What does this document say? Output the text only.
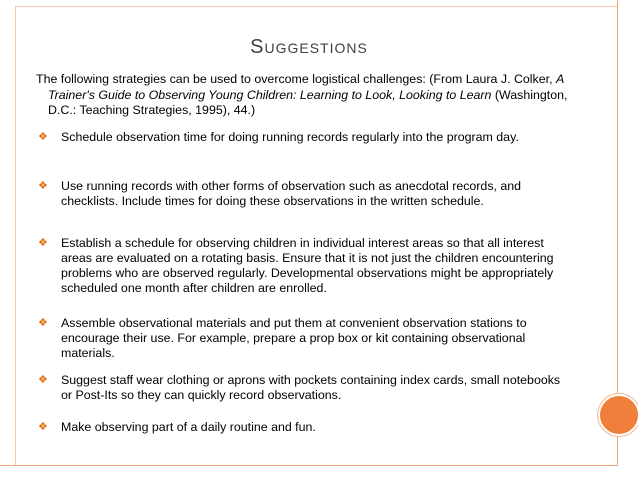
Suggestions

The following strategies can be used to overcome logistical challenges: (From Laura J. Colker, A Trainer's Guide to Observing Young Children: Learning to Look, Looking to Learn (Washington, D.C.: Teaching Strategies, 1995), 44.)

❖ Schedule observation time for doing running records regularly into the program day.
❖ Use running records with other forms of observation such as anecdotal records, and checklists. Include times for doing these observations in the written schedule.
❖ Establish a schedule for observing children in individual interest areas so that all interest areas are evaluated on a rotating basis. Ensure that it is not just the children encountering problems who are observed regularly. Developmental observations might be appropriately scheduled one month after children are enrolled.
❖ Assemble observational materials and put them at convenient observation stations to encourage their use. For example, prepare a prop box or kit containing observational materials.
❖ Suggest staff wear clothing or aprons with pockets containing index cards, small notebooks or Post-Its so they can quickly record observations.
❖ Make observing part of a daily routine and fun.
